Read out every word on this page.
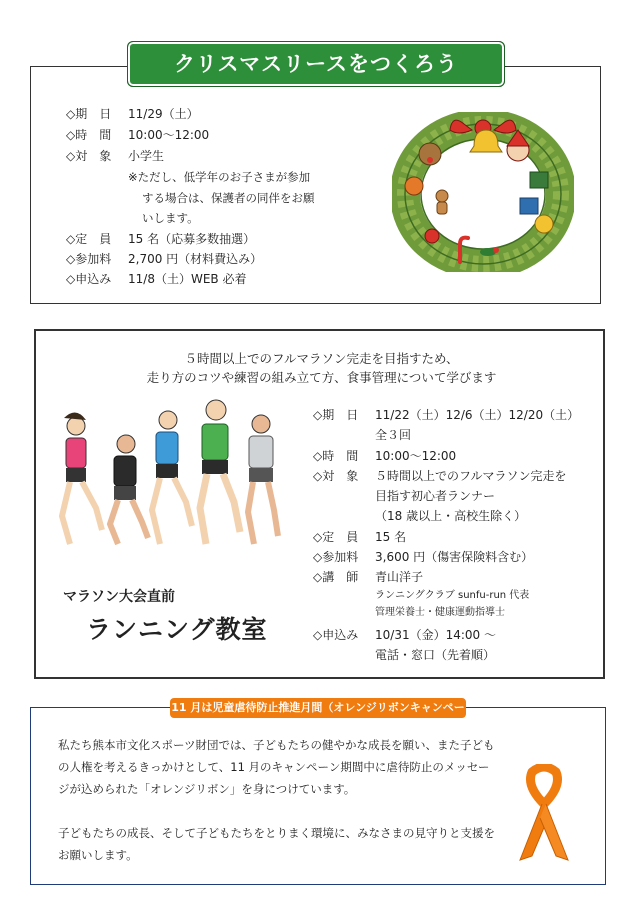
クリスマスリースをつくろう
◇期　日 11/29（土）
◇時　間 10:00～12:00
◇対　象 小学生
※ただし、低学年のお子さまが参加
する場合は、保護者の同伴をお願
いします。
◇定　員 15 名（応募多数抽選）
◇参加料 2,700 円（材料費込み）
◇申込み 11/8（土）WEB 必着
５時間以上でのフルマラソン完走を目指すため、
走り方のコツや練習の組み立て方、食事管理について学びます
マラソン大会直前
ランニング教室
◇期　日 11/22（土）12/6（土）12/20（土）
全３回
◇時　間 10:00～12:00
◇対　象 ５時間以上でのフルマラソン完走を
目指す初心者ランナー
（18 歳以上・高校生除く）
◇定　員 15 名
◇参加料 3,600 円（傷害保険料含む）
◇講　師 青山洋子
ランニングクラブ sunfu-run 代表
管理栄養士・健康運動指導士
◇申込み 10/31（金）14:00 ～
電話・窓口（先着順）
11 月は児童虐待防止推進月間（オレンジリボンキャンペーン）
私たち熊本市文化スポーツ財団では、子どもたちの健やかな成長を願い、また子ども
の人権を考えるきっかけとして、11 月のキャンペーン期間中に虐待防止のメッセー
ジが込められた「オレンジリボン」を身につけています。
子どもたちの成長、そして子どもたちをとりまく環境に、みなさまの見守りと支援を
お願いします。
